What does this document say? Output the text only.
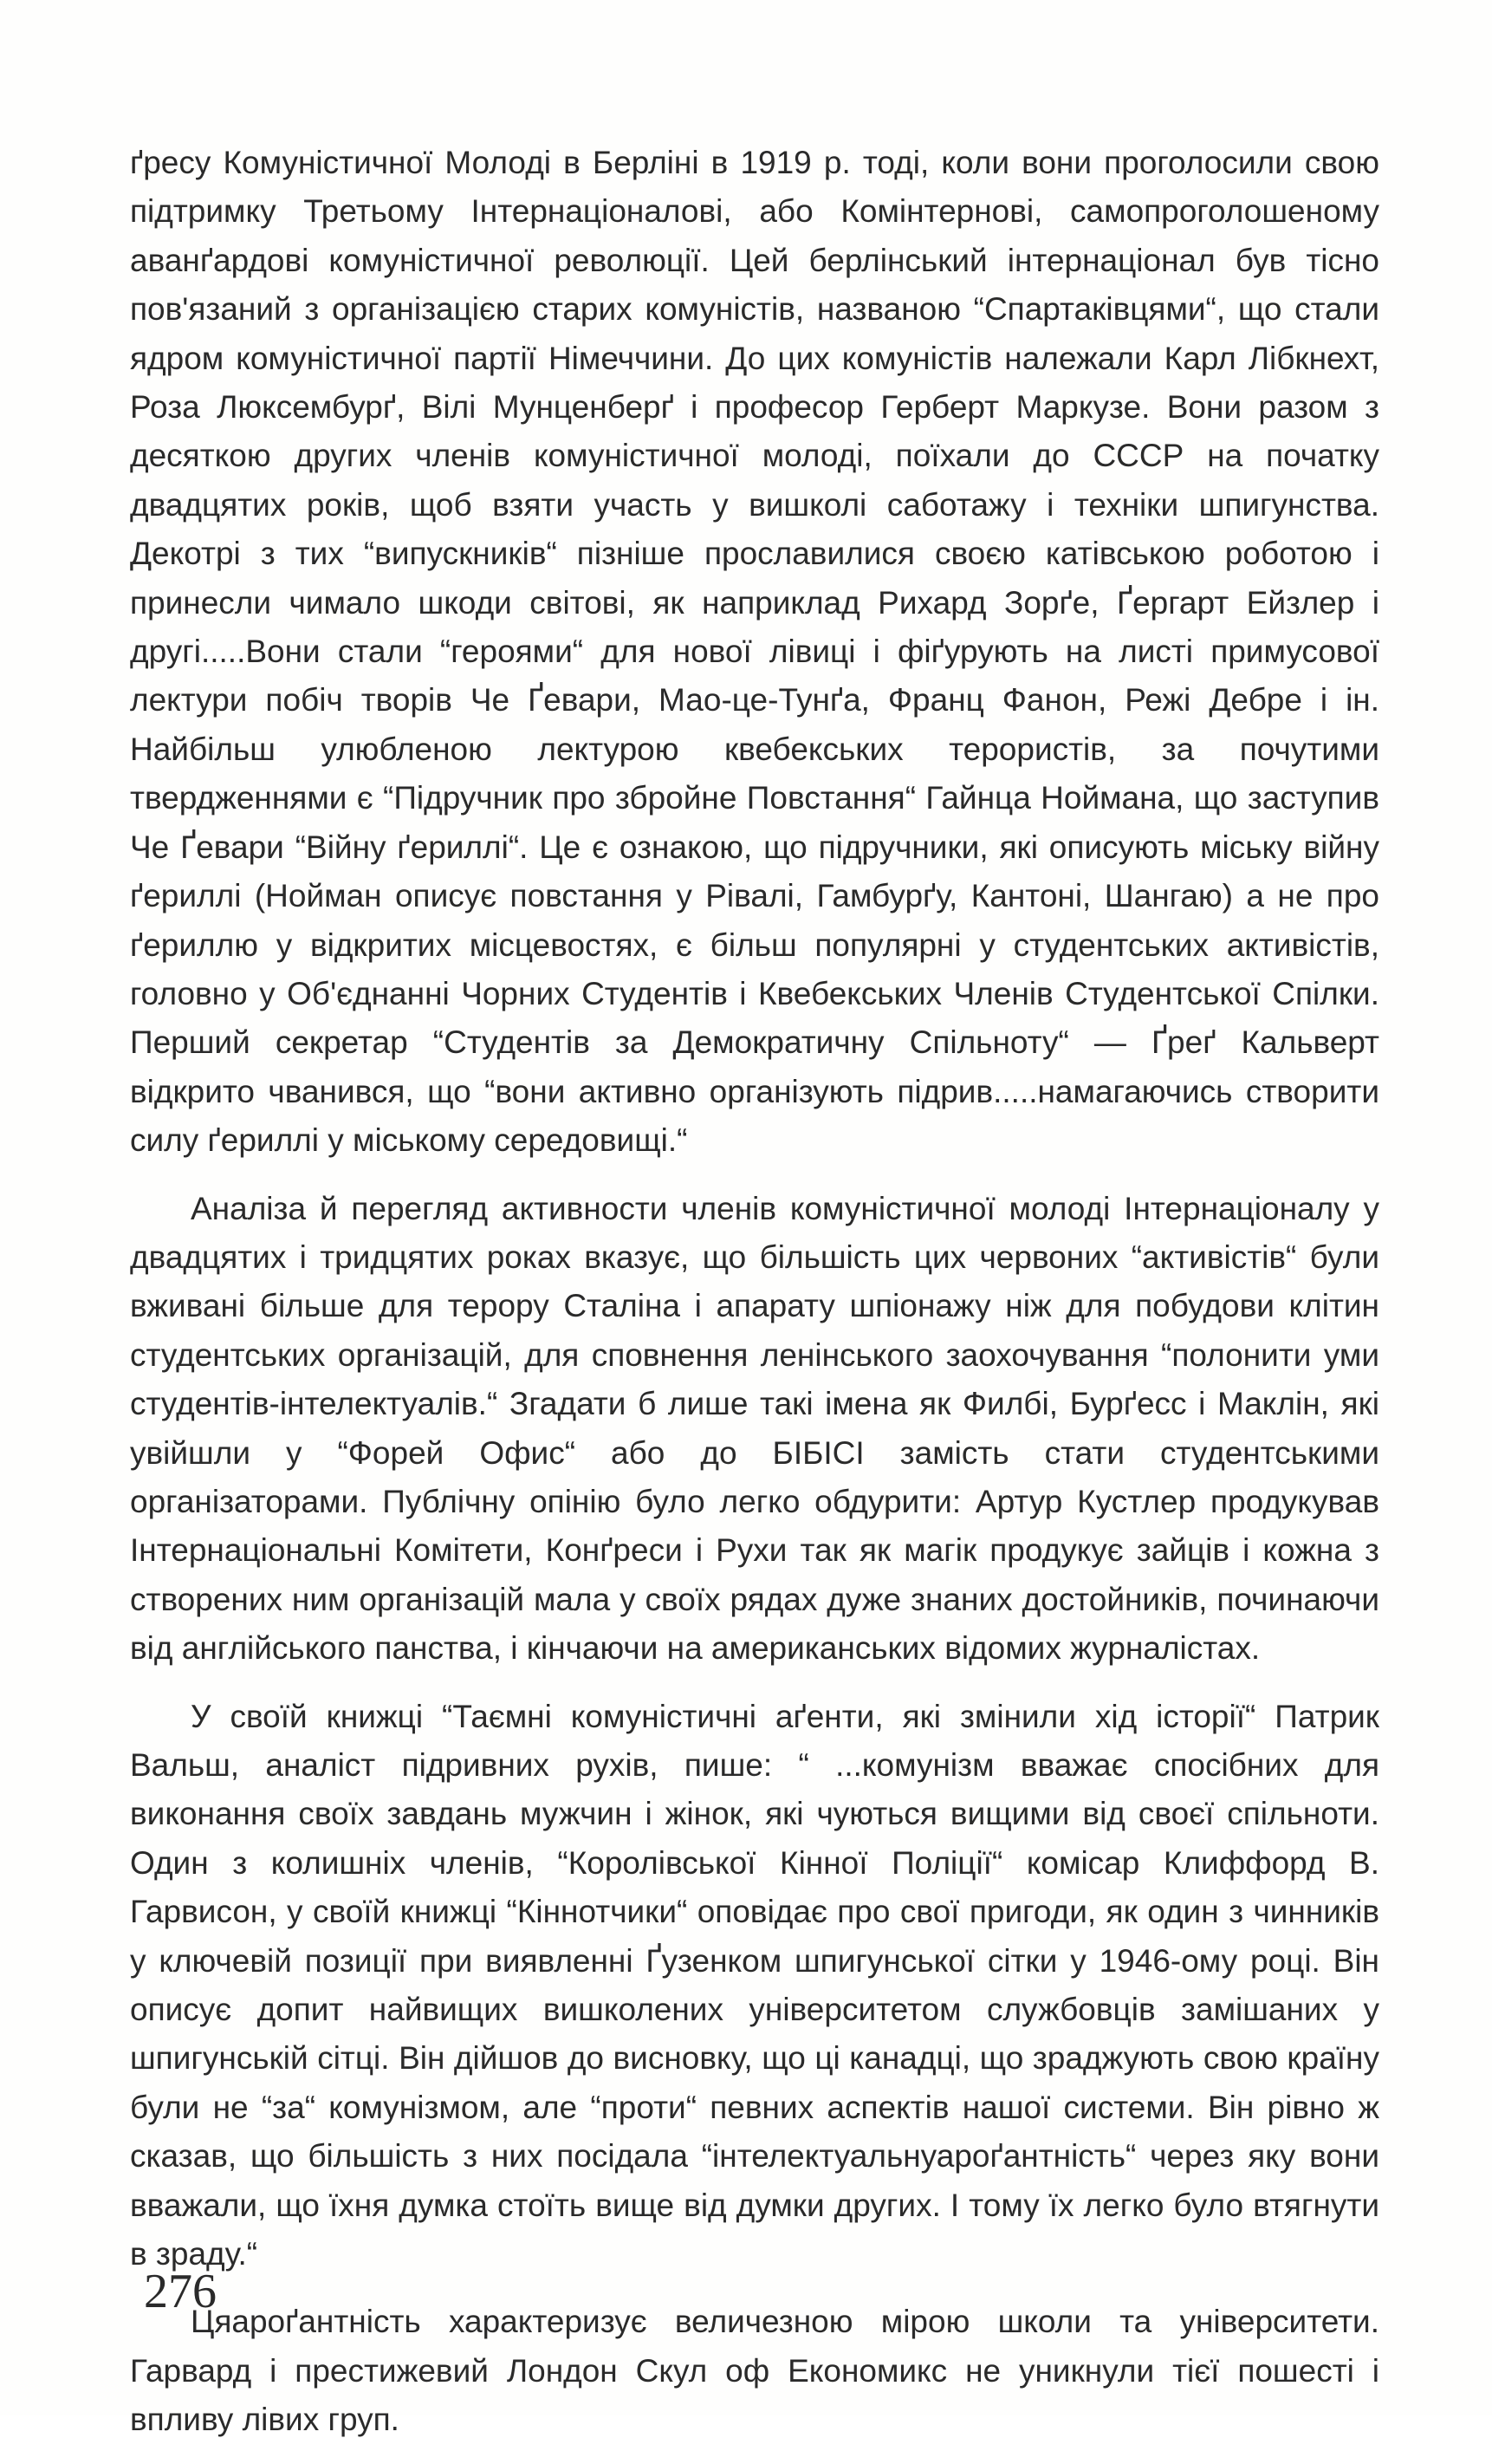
ґресу Комуністичної Молоді в Берліні в 1919 р. тоді, коли вони проголосили свою підтримку Третьому Інтернаціоналові, або Комінтернові, самопроголошеному аванґардові комуністичної революції. Цей берлінський інтернаціонал був тісно пов'язаний з організацією старих комуністів, названою “Спартаківцями“, що стали ядром комуністичної партії Німеччини. До цих комуністів належали Карл Лібкнехт, Роза Люксембурґ, Вілі Мунценберґ і професор Герберт Маркузе. Вони разом з десяткою других членів комуністичної молоді, поїхали до СССР на початку двадцятих років, щоб взяти участь у вишколі саботажу і техніки шпигунства. Декотрі з тих “випускників“ пізніше прославилися своєю катівською роботою і принесли чимало шкоди світові, як наприклад Рихард Зорґе, Ґергарт Ейзлер і другі.....Вони стали “героями“ для нової лівиці і фіґурують на листі примусової лектури побіч творів Че Ґевари, Мао-це-Тунґа, Франц Фанон, Режі Дебре і ін. Найбільш улюбленою лектурою квебекських терористів, за почутими твердженнями є “Підручник про збройне Повстання“ Гайнца Ноймана, що заступив Че Ґевари “Війну ґериллі“. Це є ознакою, що підручники, які описують міську війну ґериллі (Нойман описує повстання у Рівалі, Гамбурґу, Кантоні, Шангаю) а не про ґериллю у відкритих місцевостях, є більш популярні у студентських активістів, головно у Об'єднанні Чорних Студентів і Квебекських Членів Студентської Спілки. Перший секретар “Студентів за Демократичну Спільноту“ — Ґреґ Кальверт відкрито чванився, що “вони активно організують підрив.....намагаючись створити силу ґериллі у міському середовищі.“

Аналіза й перегляд активности членів комуністичної молоді Інтернаціоналу у двадцятих і тридцятих роках вказує, що більшість цих червоних “активістів“ були вживані більше для терору Сталіна і апарату шпіонажу ніж для побудови клітин студентських організацій, для сповнення ленінського заохочування “полонити уми студентів-інтелектуалів.“ Згадати б лише такі імена як Филбі, Бурґесс і Маклін, які увійшли у “Форей Офис“ або до БІБІСІ замість стати студентськими організаторами. Публічну опінію було легко обдурити: Артур Кустлер продукував Інтернаціональні Комітети, Конґреси і Рухи так як магік продукує зайців і кожна з створених ним організацій мала у своїх рядах дуже знаних достойників, починаючи від англійського панства, і кінчаючи на американських відомих журналістах.

У своїй книжці “Таємні комуністичні аґенти, які змінили хід історії“ Патрик Вальш, аналіст підривних рухів, пише: “ ...комунізм вважає спосібних для виконання своїх завдань мужчин і жінок, які чуються вищими від своєї спільноти. Один з колишніх членів, “Королівської Кінної Поліції“ комісар Клиффорд В. Гарвисон, у своїй книжці “Кіннотчики“ оповідає про свої пригоди, як один з чинників у ключевій позиції при виявленні Ґузенком шпигунської сітки у 1946-ому році. Він описує допит найвищих вишколених університетом службовців замішаних у шпигунській сітці. Він дійшов до висновку, що ці канадці, що зраджують свою країну були не “за“ комунізмом, але “проти“ певних аспектів нашої системи. Він рівно ж сказав, що більшість з них посідала “інтелектуальнуароґантність“ через яку вони вважали, що їхня думка стоїть вище від думки других. І тому їх легко було втягнути в зраду.“

Цяароґантність характеризує величезною мірою школи та університети. Гарвард і престижевий Лондон Скул оф Економикс не уникнули тієї пошесті і впливу лівих груп.

276
